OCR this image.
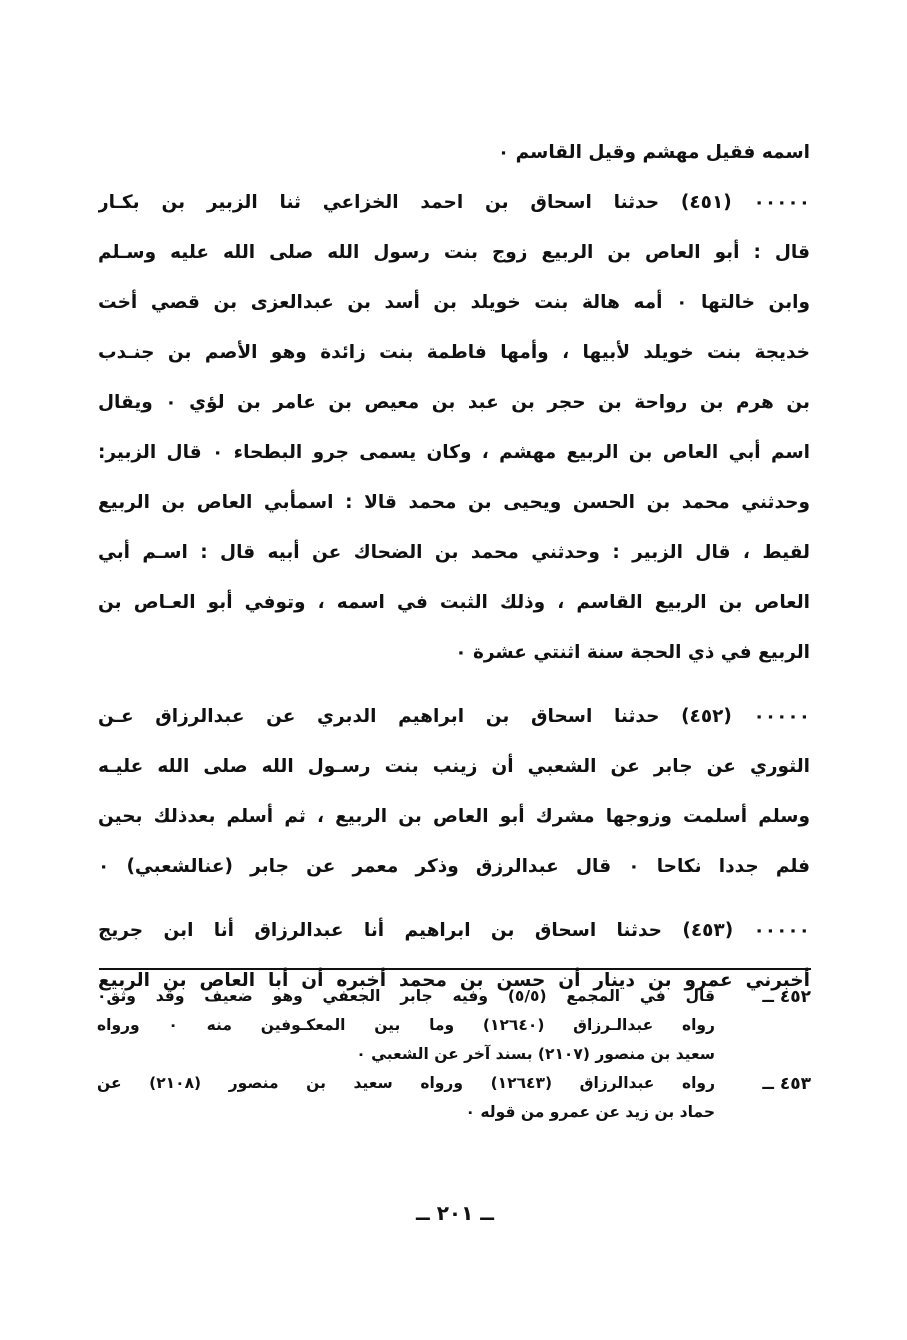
اسمه فقيل مهشم وقيل القاسم ٠
٠٠٠٠٠ (٤٥١) حدثنا اسحاق بن احمد الخزاعي ثنا الزبير بن بكـار
قال : أبو العاص بن الربيع زوج بنت رسول الله صلى الله عليه وسـلم
وابن خالتها ٠ أمه هالة بنت خويلد بن أسد بن عبدالعزى بن قصي أخت
خديجة بنت خويلد لأبيها ، وأمها فاطمة بنت زائدة وهو الأصم بن جنـدب
بن هرم بن رواحة بن حجر بن عبد بن معيص بن عامر بن لؤي ٠ ويقال
اسم أبي العاص بن الربيع مهشم ، وكان يسمى جرو البطحاء ٠ قال الزبير:
وحدثني محمد بن الحسن ويحيى بن محمد قالا : اسمأبي العاص بن الربيع
لقيط ، قال الزبير : وحدثني محمد بن الضحاك عن أبيه قال : اسـم أبي
العاص بن الربيع القاسم ، وذلك الثبت في اسمه ، وتوفي أبو العـاص بن
الربيع في ذي الحجة سنة اثنتي عشرة ٠
٠٠٠٠٠ (٤٥٢) حدثنا اسحاق بن ابراهيم الدبري عن عبدالرزاق عـن
الثوري عن جابر عن الشعبي أن زينب بنت رسـول الله صلى الله عليـه
وسلم أسلمت وزوجها مشرك أبو العاص بن الربيع ، ثم أسلم بعدذلك بحين
فلم جددا نكاحا ٠ قال عبدالرزق وذكر معمر عن جابر (عنالشعبي) ٠
٠٠٠٠٠ (٤٥٣) حدثنا اسحاق بن ابراهيم أنا عبدالرزاق أنا ابن جريج
أخبرني عمرو بن دينار أن حسن بن محمد أخبره أن أبا العاص بن الربيع
٤٥٢ ــ
قال في المجمع (٥/٥) وفيه جابر الجعفي وهو ضعيف وقد وثق٠
رواه عبدالـرزاق (١٢٦٤٠) وما بين المعكـوفين منه ٠ ورواه
سعيد بن منصور (٢١٠٧) بسند آخر عن الشعبي ٠
٤٥٣ ــ
رواه عبدالرزاق (١٢٦٤٣) ورواه سعيد بن منصور (٢١٠٨) عن
حماد بن زيد عن عمرو من قوله ٠
ــ ٢٠١ ــ
